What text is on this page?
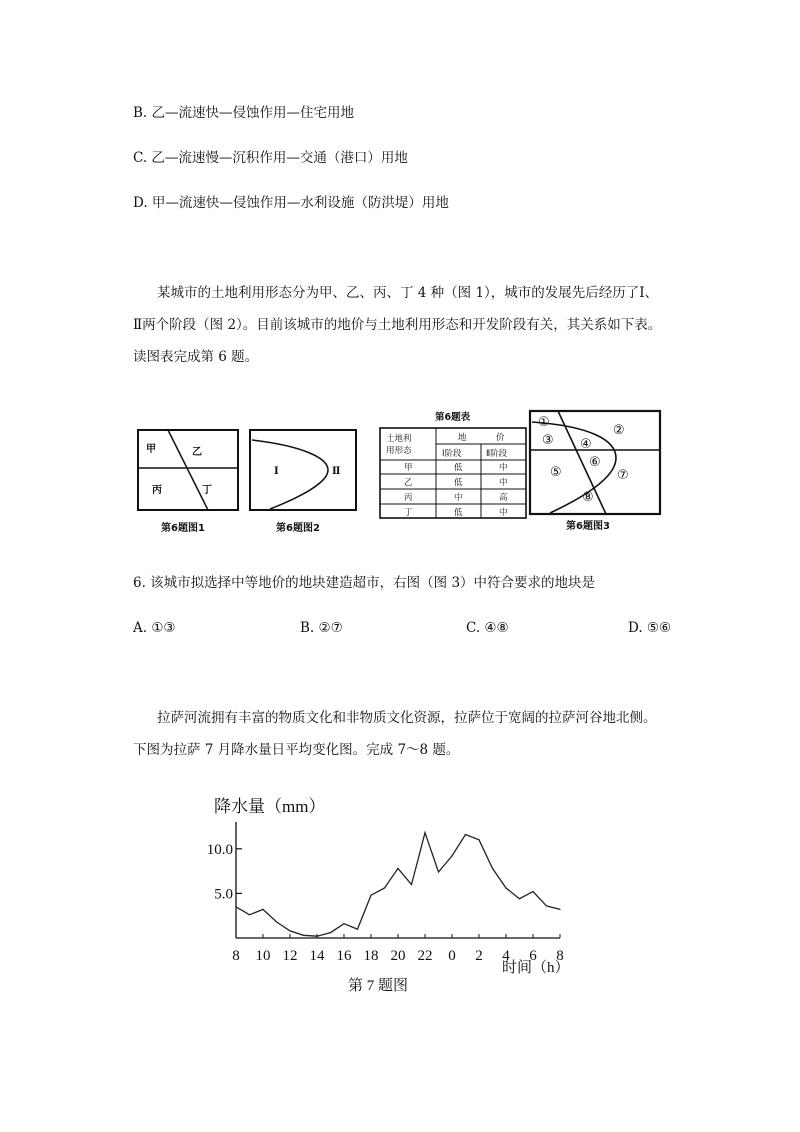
B. 乙—流速快—侵蚀作用—住宅用地
C. 乙—流速慢—沉积作用—交通（港口）用地
D. 甲—流速快—侵蚀作用—水利设施（防洪堤）用地
某城市的土地利用形态分为甲、乙、丙、丁 4 种（图 1），城市的发展先后经历了Ⅰ、
Ⅱ两个阶段（图 2）。目前该城市的地价与土地利用形态和开发阶段有关，其关系如下表。
读图表完成第 6 题。
甲	乙
丙	丁
第6题图1
Ⅰ	Ⅱ
第6题图2
第6题表
土地利
用形态
地	价
Ⅰ阶段	Ⅱ阶段
甲	低	中
乙	低	中
丙	中	高
丁	低	中
①
②
③ ④
⑤
⑥
⑦
⑧
第6题图3
6. 该城市拟选择中等地价的地块建造超市，右图（图 3）中符合要求的地块是
A. ①③	B. ②⑦	C. ④⑧	D. ⑤⑥
拉萨河流拥有丰富的物质文化和非物质文化资源，拉萨位于宽阔的拉萨河谷地北侧。
下图为拉萨 7 月降水量日平均变化图。完成 7～8 题。
降水量（mm）
5.0
10.0
8 10 12 14 16 18 20 22 0 2 4 6 8
时间（h）
第 7 题图
